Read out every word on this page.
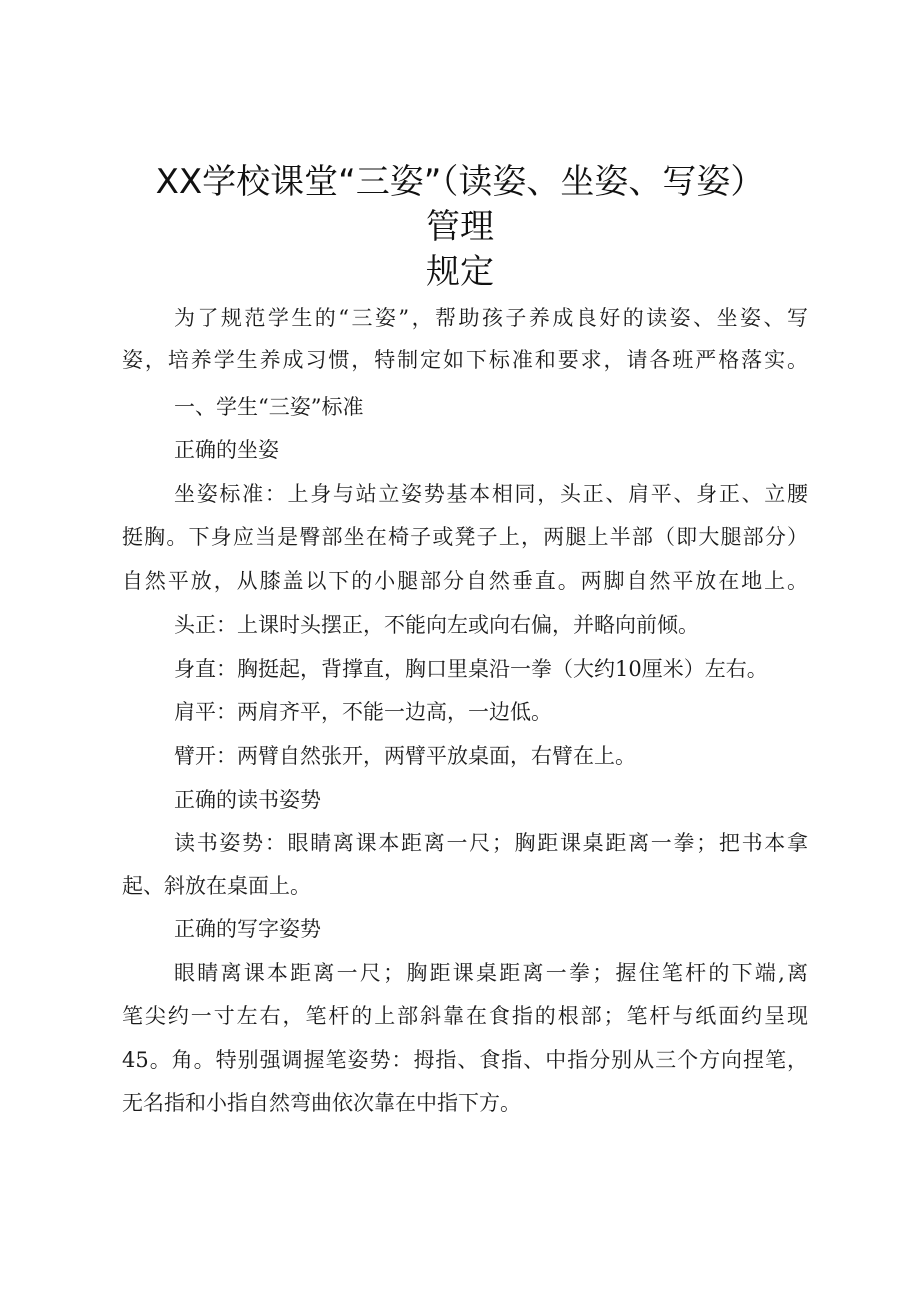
XX学校课堂“三姿”（读姿、坐姿、写姿）
管理
规定
为了规范学生的“三姿”，帮助孩子养成良好的读姿、坐姿、写
姿，培养学生养成习惯，特制定如下标准和要求，请各班严格落实。
一、学生“三姿”标准
正确的坐姿
坐姿标准：上身与站立姿势基本相同，头正、肩平、身正、立腰
挺胸。下身应当是臀部坐在椅子或凳子上，两腿上半部（即大腿部分）
自然平放，从膝盖以下的小腿部分自然垂直。两脚自然平放在地上。
头正：上课时头摆正，不能向左或向右偏，并略向前倾。
身直：胸挺起，背撑直，胸口里桌沿一拳（大约10厘米）左右。
肩平：两肩齐平，不能一边高，一边低。
臂开：两臂自然张开，两臂平放桌面，右臂在上。
正确的读书姿势
读书姿势：眼睛离课本距离一尺；胸距课桌距离一拳；把书本拿
起、斜放在桌面上。
正确的写字姿势
眼睛离课本距离一尺；胸距课桌距离一拳；握住笔杆的下端,离
笔尖约一寸左右，笔杆的上部斜靠在食指的根部；笔杆与纸面约呈现
45。角。特别强调握笔姿势：拇指、食指、中指分别从三个方向捏笔，
无名指和小指自然弯曲依次靠在中指下方。
